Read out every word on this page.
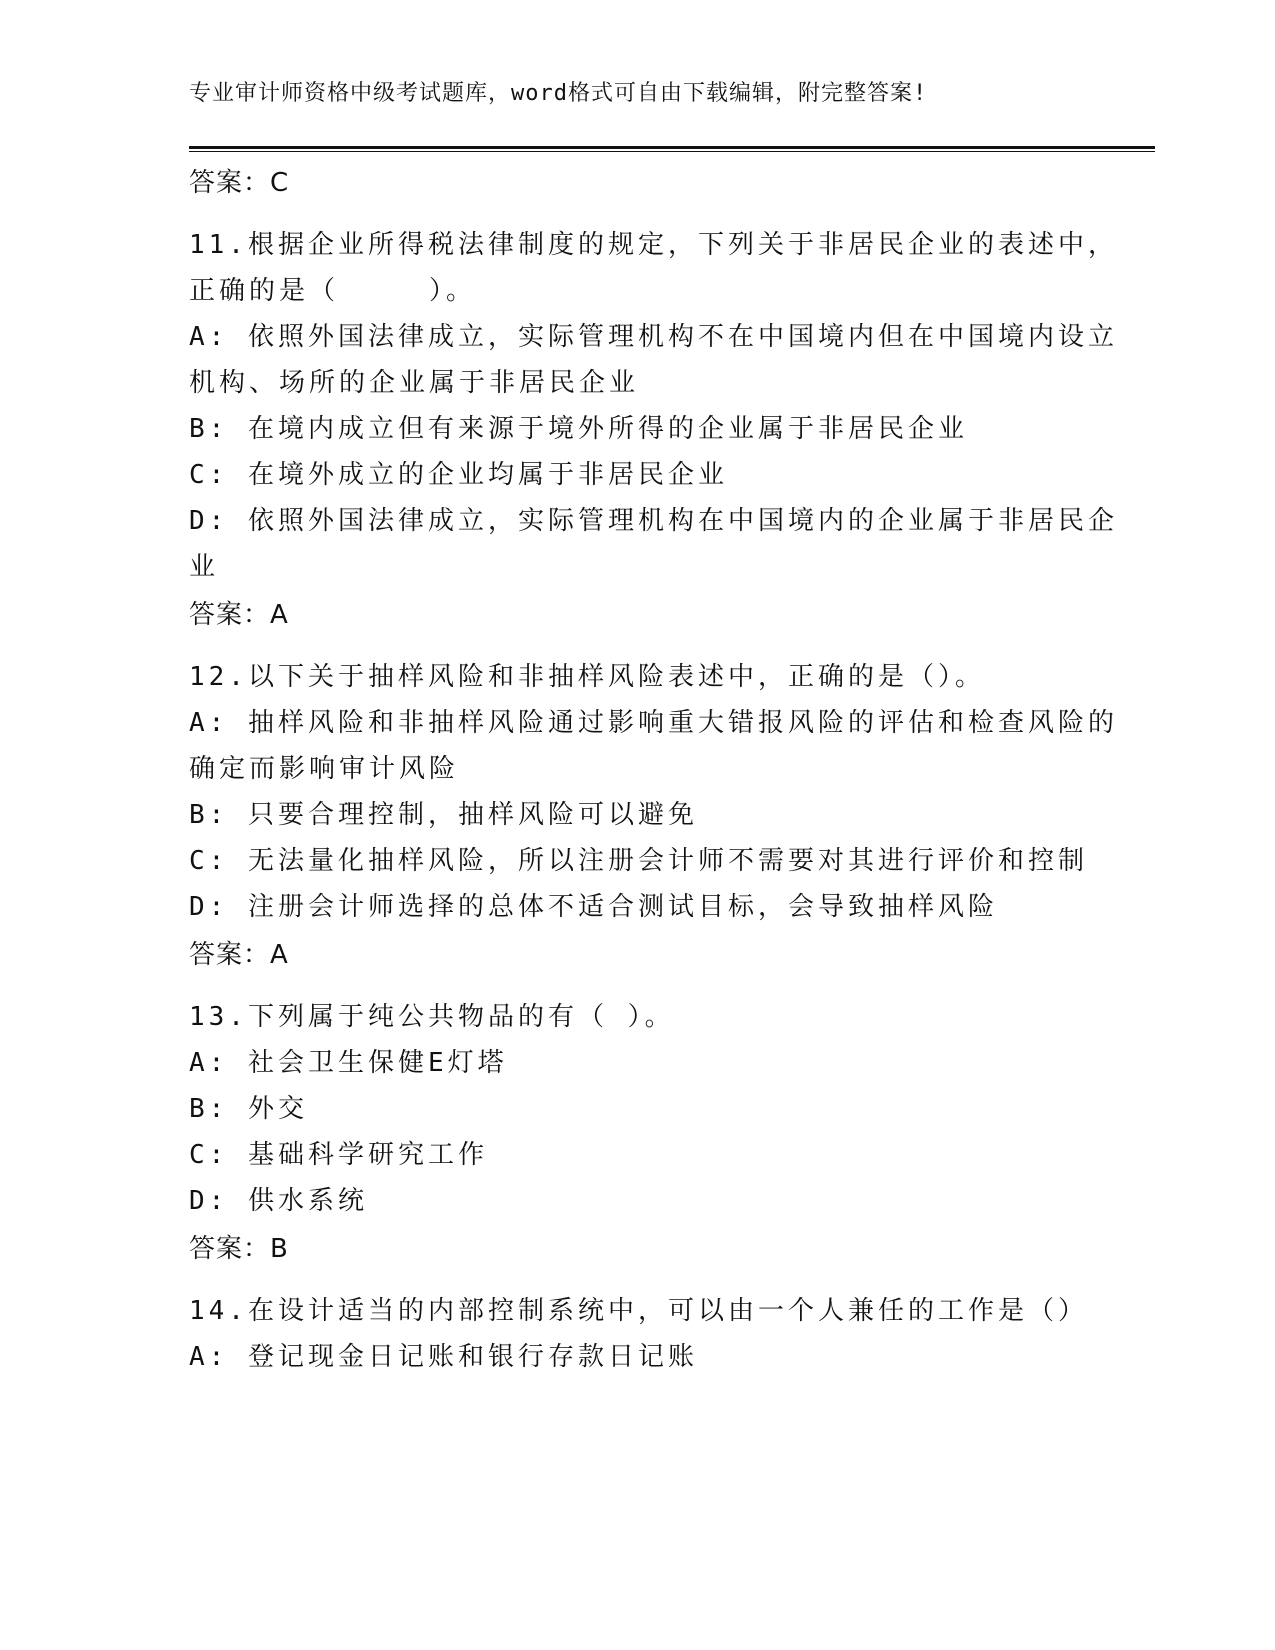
专业审计师资格中级考试题库，word格式可自由下载编辑，附完整答案!
答案：C
11.根据企业所得税法律制度的规定，下列关于非居民企业的表述中，
正确的是（　　　）。
A: 依照外国法律成立，实际管理机构不在中国境内但在中国境内设立
机构、场所的企业属于非居民企业
B: 在境内成立但有来源于境外所得的企业属于非居民企业
C: 在境外成立的企业均属于非居民企业
D: 依照外国法律成立，实际管理机构在中国境内的企业属于非居民企
业
答案：A
12.以下关于抽样风险和非抽样风险表述中，正确的是（）。
A: 抽样风险和非抽样风险通过影响重大错报风险的评估和检查风险的
确定而影响审计风险
B: 只要合理控制，抽样风险可以避免
C: 无法量化抽样风险，所以注册会计师不需要对其进行评价和控制
D: 注册会计师选择的总体不适合测试目标，会导致抽样风险
答案：A
13.下列属于纯公共物品的有（ ）。
A: 社会卫生保健E灯塔
B: 外交
C: 基础科学研究工作
D: 供水系统
答案：B
14.在设计适当的内部控制系统中，可以由一个人兼任的工作是（）
A: 登记现金日记账和银行存款日记账
